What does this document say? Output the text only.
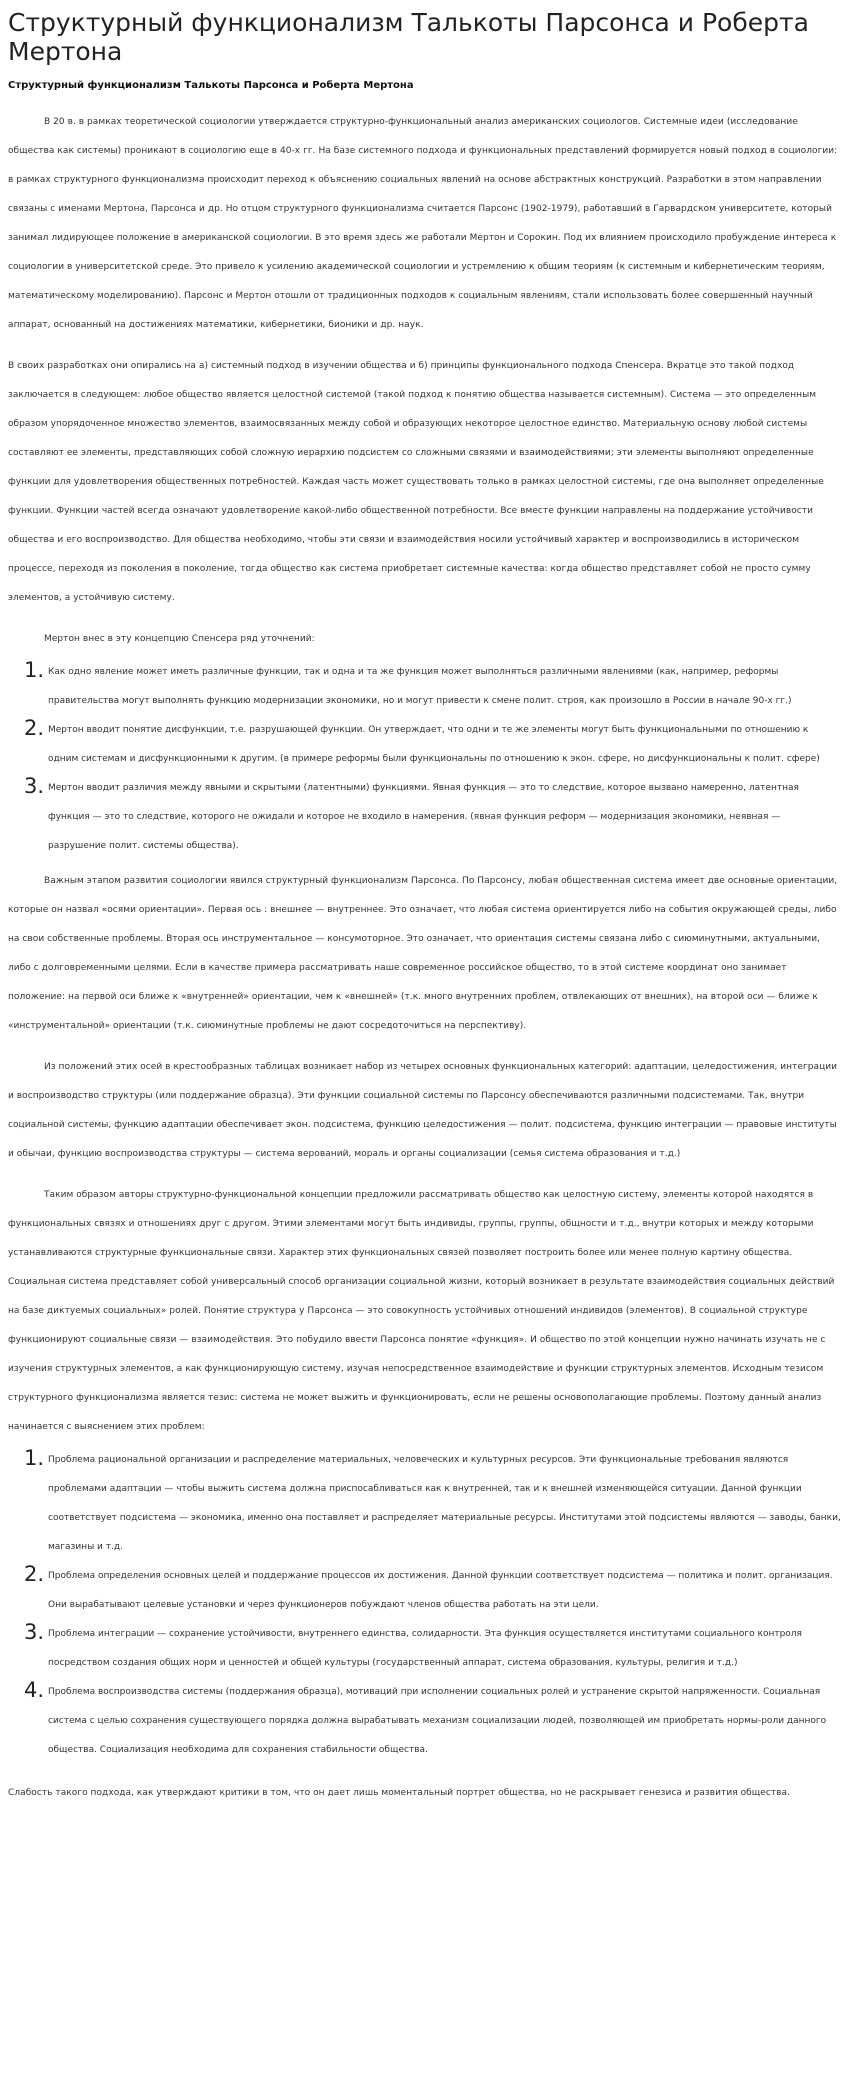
Структурный функционализм Талькоты Парсонса и Роберта Мертона
Структурный функционализм Талькоты Парсонса и Роберта Мертона

В 20 в. в рамках теоретической социологии утверждается структурно-функциональный анализ американских социологов. Системные идеи (исследование общества как системы) проникают в социологию еще в 40-х гг. На базе системного подхода и функциональных представлений формируется новый подход в социологии: в рамках структурного функционализма происходит переход к объяснению социальных явлений на основе абстрактных конструкций. Разработки в этом направлении связаны с именами Мертона, Парсонса и др. Но отцом структурного функционализма считается Парсонс (1902-1979), работавший в Гарвардском университете, который занимал лидирующее положение в американской социологии. В это время здесь же работали Мертон и Сорокин. Под их влиянием происходило пробуждение интереса к социологии в университетской среде. Это привело к усилению академической социологии и устремлению к общим теориям (к системным и кибернетическим теориям, математическому моделированию). Парсонс и Мертон отошли от традиционных подходов к социальным явлениям, стали использовать более совершенный научный аппарат, основанный на достижениях математики, кибернетики, бионики и др. наук.

В своих разработках они опирались на а) системный подход в изучении общества и б) принципы функционального подхода Спенсера. Вкратце это такой подход заключается в следующем: любое общество является целостной системой (такой подход к понятию общества называется системным). Система — это определенным образом упорядоченное множество элементов, взаимосвязанных между собой и образующих некоторое целостное единство. Материальную основу любой системы составляют ее элементы, представляющих собой сложную иерархию подсистем со сложными связями и взаимодействиями; эти элементы выполняют определенные функции для удовлетворения общественных потребностей. Каждая часть может существовать только в рамках целостной системы, где она выполняет определенные функции. Функции частей всегда означают удовлетворение какой-либо общественной потребности. Все вместе функции направлены на поддержание устойчивости общества и его воспроизводство. Для общества необходимо, чтобы эти связи и взаимодействия носили устойчивый характер и воспроизводились в историческом процессе, переходя из поколения в поколение, тогда общество как система приобретает системные качества: когда общество представляет собой не просто сумму элементов, а устойчивую систему.

Мертон внес в эту концепцию Спенсера ряд уточнений:

1. Как одно явление может иметь различные функции, так и одна и та же функция может выполняться различными явлениями (как, например, реформы правительства могут выполнять функцию модернизации экономики, но и могут привести к смене полит. строя, как произошло в России в начале 90-х гг.)
2. Мертон вводит понятие дисфункции, т.е. разрушающей функции. Он утверждает, что одни и те же элементы могут быть функциональными по отношению к одним системам и дисфункционными к другим. (в примере реформы были функциональны по отношению к экон. сфере, но дисфункциональны к полит. сфере)
3. Мертон вводит различия между явными и скрытыми (латентными) функциями. Явная функция — это то следствие, которое вызвано намеренно, латентная функция — это то следствие, которого не ожидали и которое не входило в намерения. (явная функция реформ — модернизация экономики, неявная — разрушение полит. системы общества).

Важным этапом развития социологии явился структурный функционализм Парсонса. По Парсонсу, любая общественная система имеет две основные ориентации, которые он назвал «осями ориентации». Первая ось : внешнее — внутреннее. Это означает, что любая система ориентируется либо на события окружающей среды, либо на свои собственные проблемы. Вторая ось инструментальное — консумоторное. Это означает, что ориентация системы связана либо с сиюминутными, актуальными, либо с долговременными целями. Если в качестве примера рассматривать наше современное российское общество, то в этой системе координат оно занимает положение: на первой оси ближе к «внутренней» ориентации, чем к «внешней» (т.к. много внутренних проблем, отвлекающих от внешних), на второй оси — ближе к «инструментальной» ориентации (т.к. сиюминутные проблемы не дают сосредоточиться на перспективу).

Из положений этих осей в крестообразных таблицах возникает набор из четырех основных функциональных категорий: адаптации, целедостижения, интеграции и воспроизводство структуры (или поддержание образца). Эти функции социальной системы по Парсонсу обеспечиваются различными подсистемами. Так, внутри социальной системы, функцию адаптации обеспечивает экон. подсистема, функцию целедостижения — полит. подсистема, функцию интеграции — правовые институты и обычаи, функцию воспроизводства структуры — система верований, мораль и органы социализации (семья система образования и т.д.)

Таким образом авторы структурно-функциональной концепции предложили рассматривать общество как целостную систему, элементы которой находятся в функциональных связях и отношениях друг с другом. Этими элементами могут быть индивиды, группы, группы, общности и т.д., внутри которых и между которыми устанавливаются структурные функциональные связи. Характер этих функциональных связей позволяет построить более или менее полную картину общества. Социальная система представляет собой универсальный способ организации социальной жизни, который возникает в результате взаимодействия социальных действий на базе диктуемых социальных» ролей. Понятие структура у Парсонса — это совокупность устойчивых отношений индивидов (элементов). В социальной структуре функционируют социальные связи — взаимодействия. Это побудило ввести Парсонса понятие «функция». И общество по этой концепции нужно начинать изучать не с изучения структурных элементов, а как функционирующую систему, изучая непосредственное взаимодействие и функции структурных элементов. Исходным тезисом структурного функционализма является тезис: система не может выжить и функционировать, если не решены основополагающие проблемы. Поэтому данный анализ начинается с выяснением этих проблем:

1. Проблема рациональной организации и распределение материальных, человеческих и культурных ресурсов. Эти функциональные требования являются проблемами адаптации — чтобы выжить система должна приспосабливаться как к внутренней, так и к внешней изменяющейся ситуации. Данной функции соответствует подсистема — экономика, именно она поставляет и распределяет материальные ресурсы. Институтами этой подсистемы являются — заводы, банки, магазины и т.д.
2. Проблема определения основных целей и поддержание процессов их достижения. Данной функции соответствует подсистема — политика и полит. организация. Они вырабатывают целевые установки и через функционеров побуждают членов общества работать на эти цели.
3. Проблема интеграции — сохранение устойчивости, внутреннего единства, солидарности. Эта функция осуществляется институтами социального контроля посредством создания общих норм и ценностей и общей культуры (государственный аппарат, система образования, культуры, религия и т.д.)
4. Проблема воспроизводства системы (поддержания образца), мотиваций при исполнении социальных ролей и устранение скрытой напряженности. Социальная система с целью сохранения существующего порядка должна вырабатывать механизм социализации людей, позволяющей им приобретать нормы-роли данного общества. Социализация необходима для сохранения стабильности общества.

Слабость такого подхода, как утверждают критики в том, что он дает лишь моментальный портрет общества, но не раскрывает генезиса и развития общества.
